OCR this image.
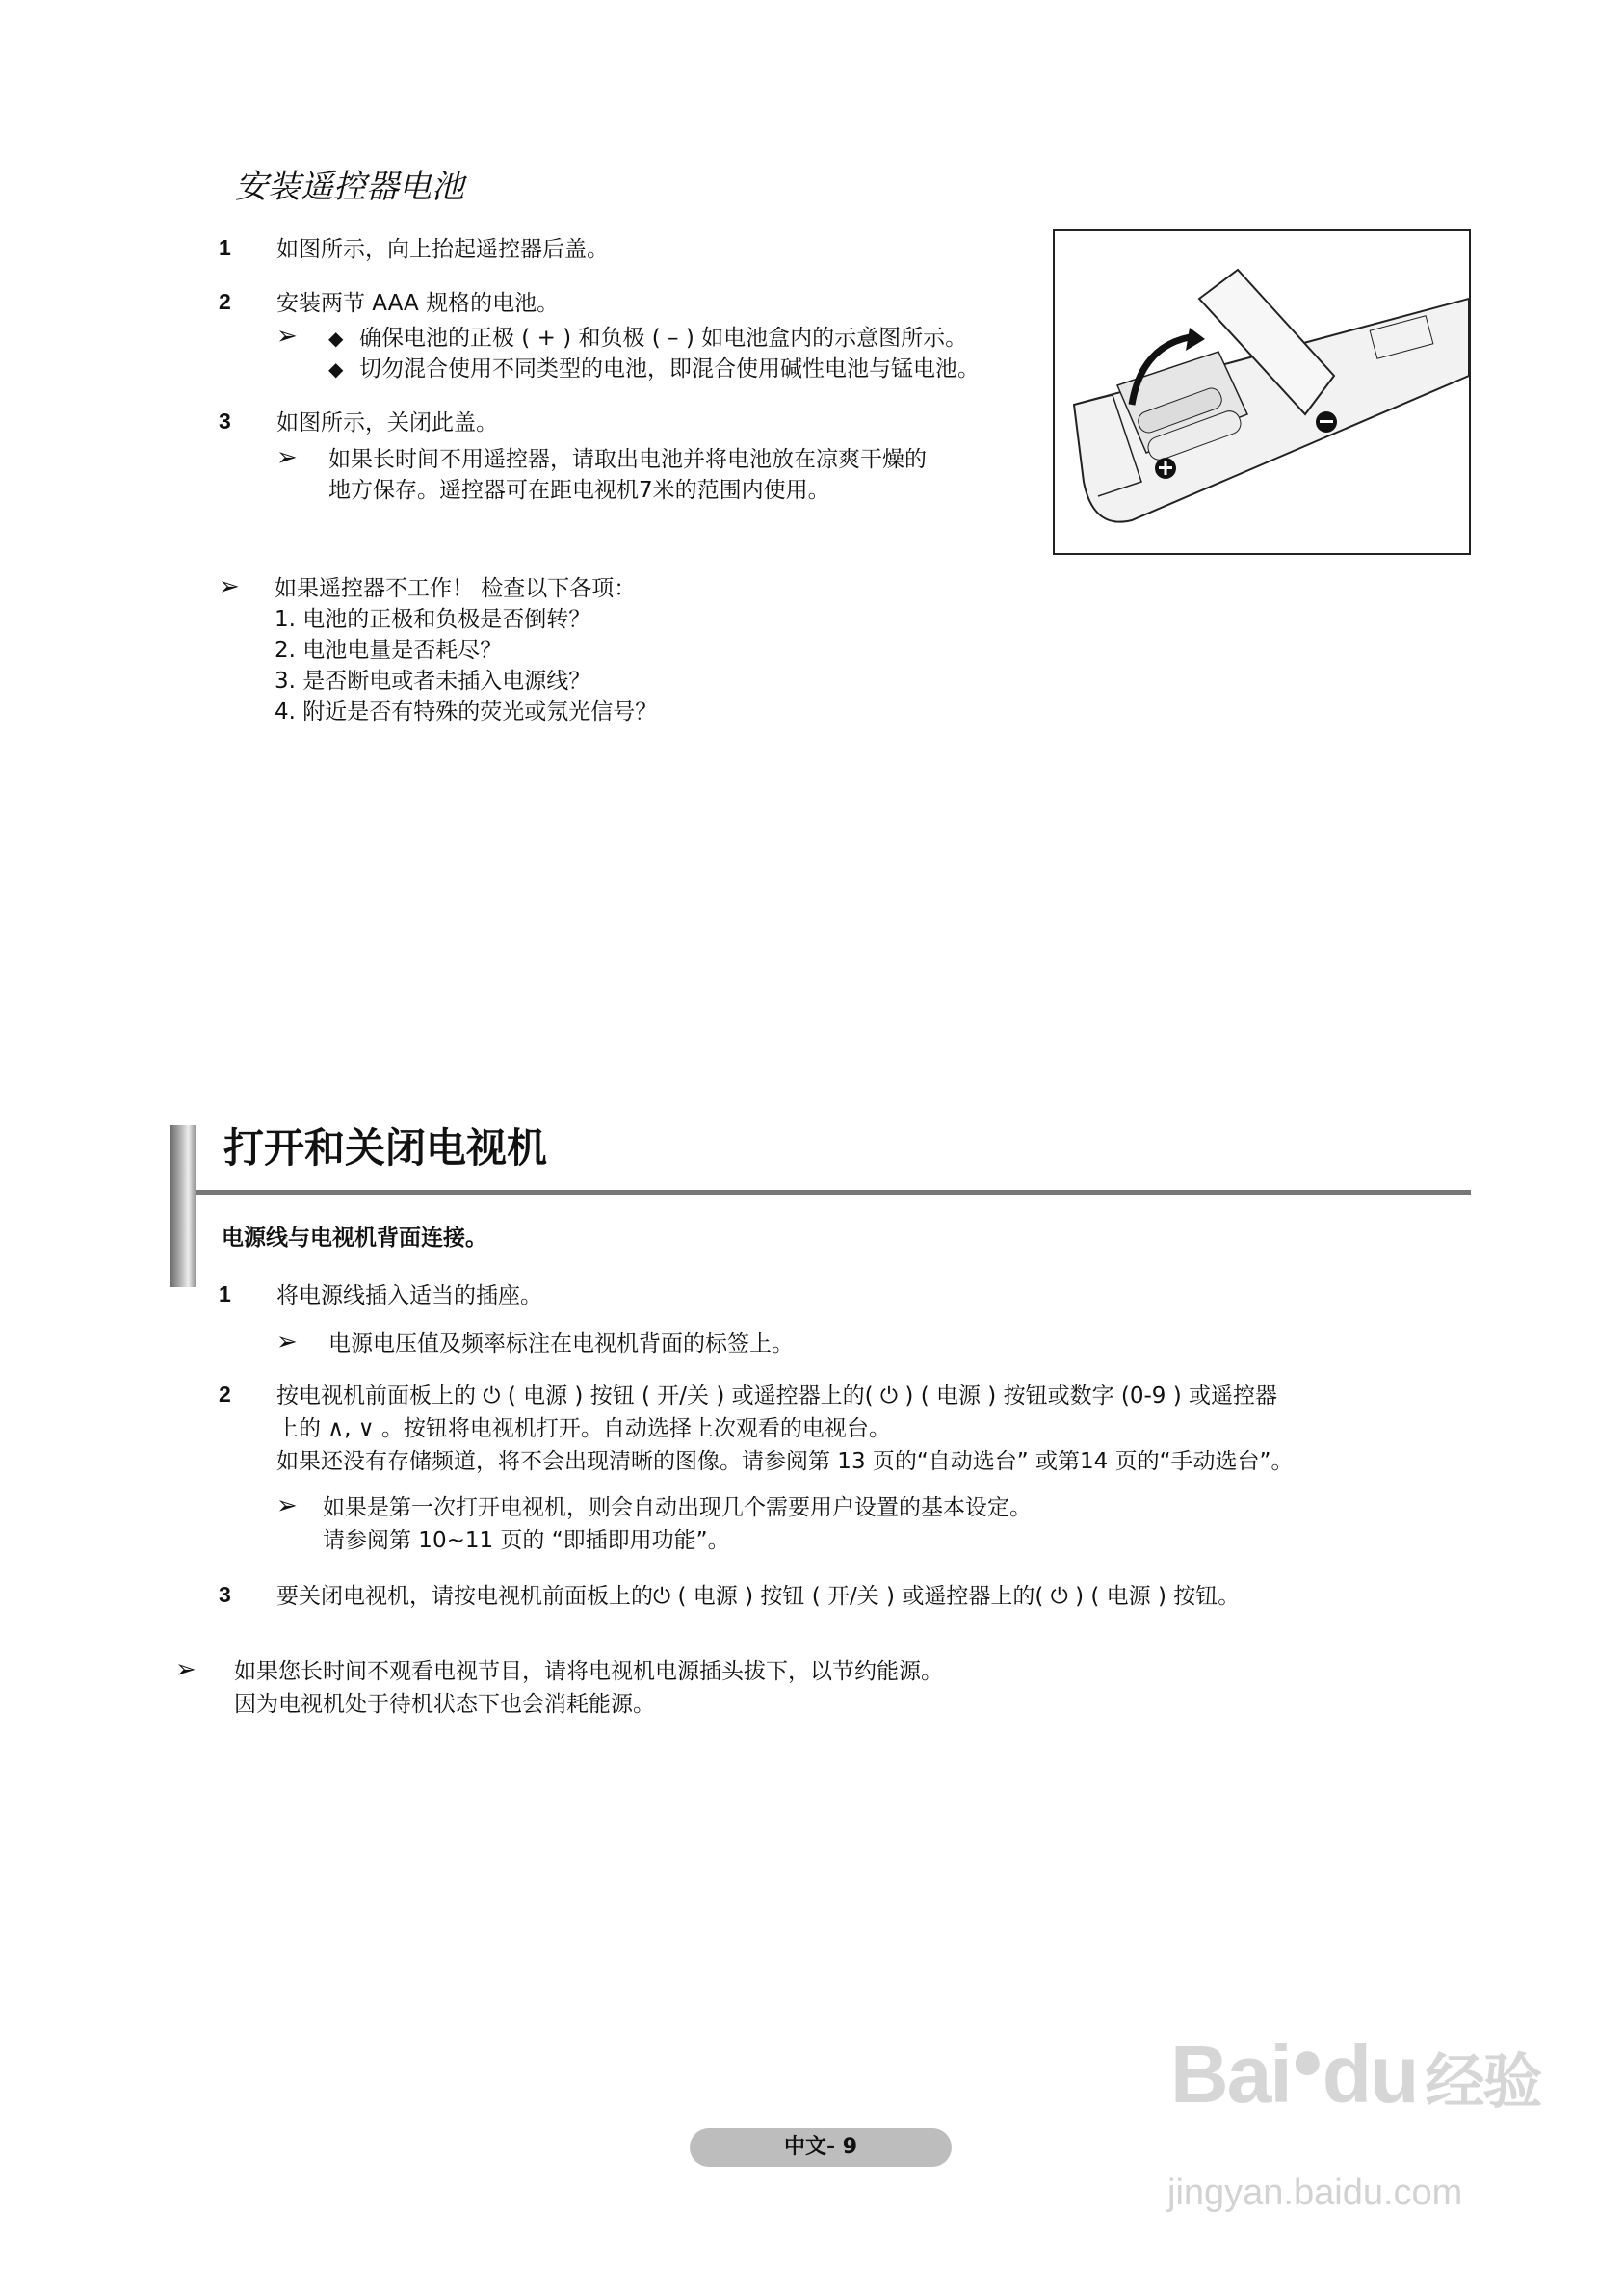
安装遥控器电池
1 如图所示，向上抬起遥控器后盖。
2 安装两节 AAA 规格的电池。
➢ ◆ 确保电池的正极 ( + ) 和负极 ( – ) 如电池盒内的示意图所示。
◆ 切勿混合使用不同类型的电池，即混合使用碱性电池与锰电池。
3 如图所示，关闭此盖。
➢ 如果长时间不用遥控器，请取出电池并将电池放在凉爽干燥的
地方保存。遥控器可在距电视机7米的范围内使用。
➢ 如果遥控器不工作！ 检查以下各项：
1. 电池的正极和负极是否倒转？
2. 电池电量是否耗尽？
3. 是否断电或者未插入电源线？
4. 附近是否有特殊的荧光或氖光信号？
打开和关闭电视机
电源线与电视机背面连接。
1 将电源线插入适当的插座。
➢ 电源电压值及频率标注在电视机背面的标签上。
2 按电视机前面板上的 ⏻ ( 电源 ) 按钮 ( 开/关 ) 或遥控器上的( ⏻ ) ( 电源 ) 按钮或数字 (0-9 ) 或遥控器
上的 ∧, ∨ 。按钮将电视机打开。自动选择上次观看的电视台。
如果还没有存储频道，将不会出现清晰的图像。请参阅第 13 页的“自动选台” 或第14 页的“手动选台”。
➢ 如果是第一次打开电视机，则会自动出现几个需要用户设置的基本设定。
请参阅第 10~11 页的 “即插即用功能”。
3 要关闭电视机，请按电视机前面板上的⏻ ( 电源 ) 按钮 ( 开/关 ) 或遥控器上的( ⏻ ) ( 电源 ) 按钮。
➢ 如果您长时间不观看电视节目，请将电视机电源插头拔下，以节约能源。
因为电视机处于待机状态下也会消耗能源。
中文- 9
Bai●du 经验
jingyan.baidu.com
